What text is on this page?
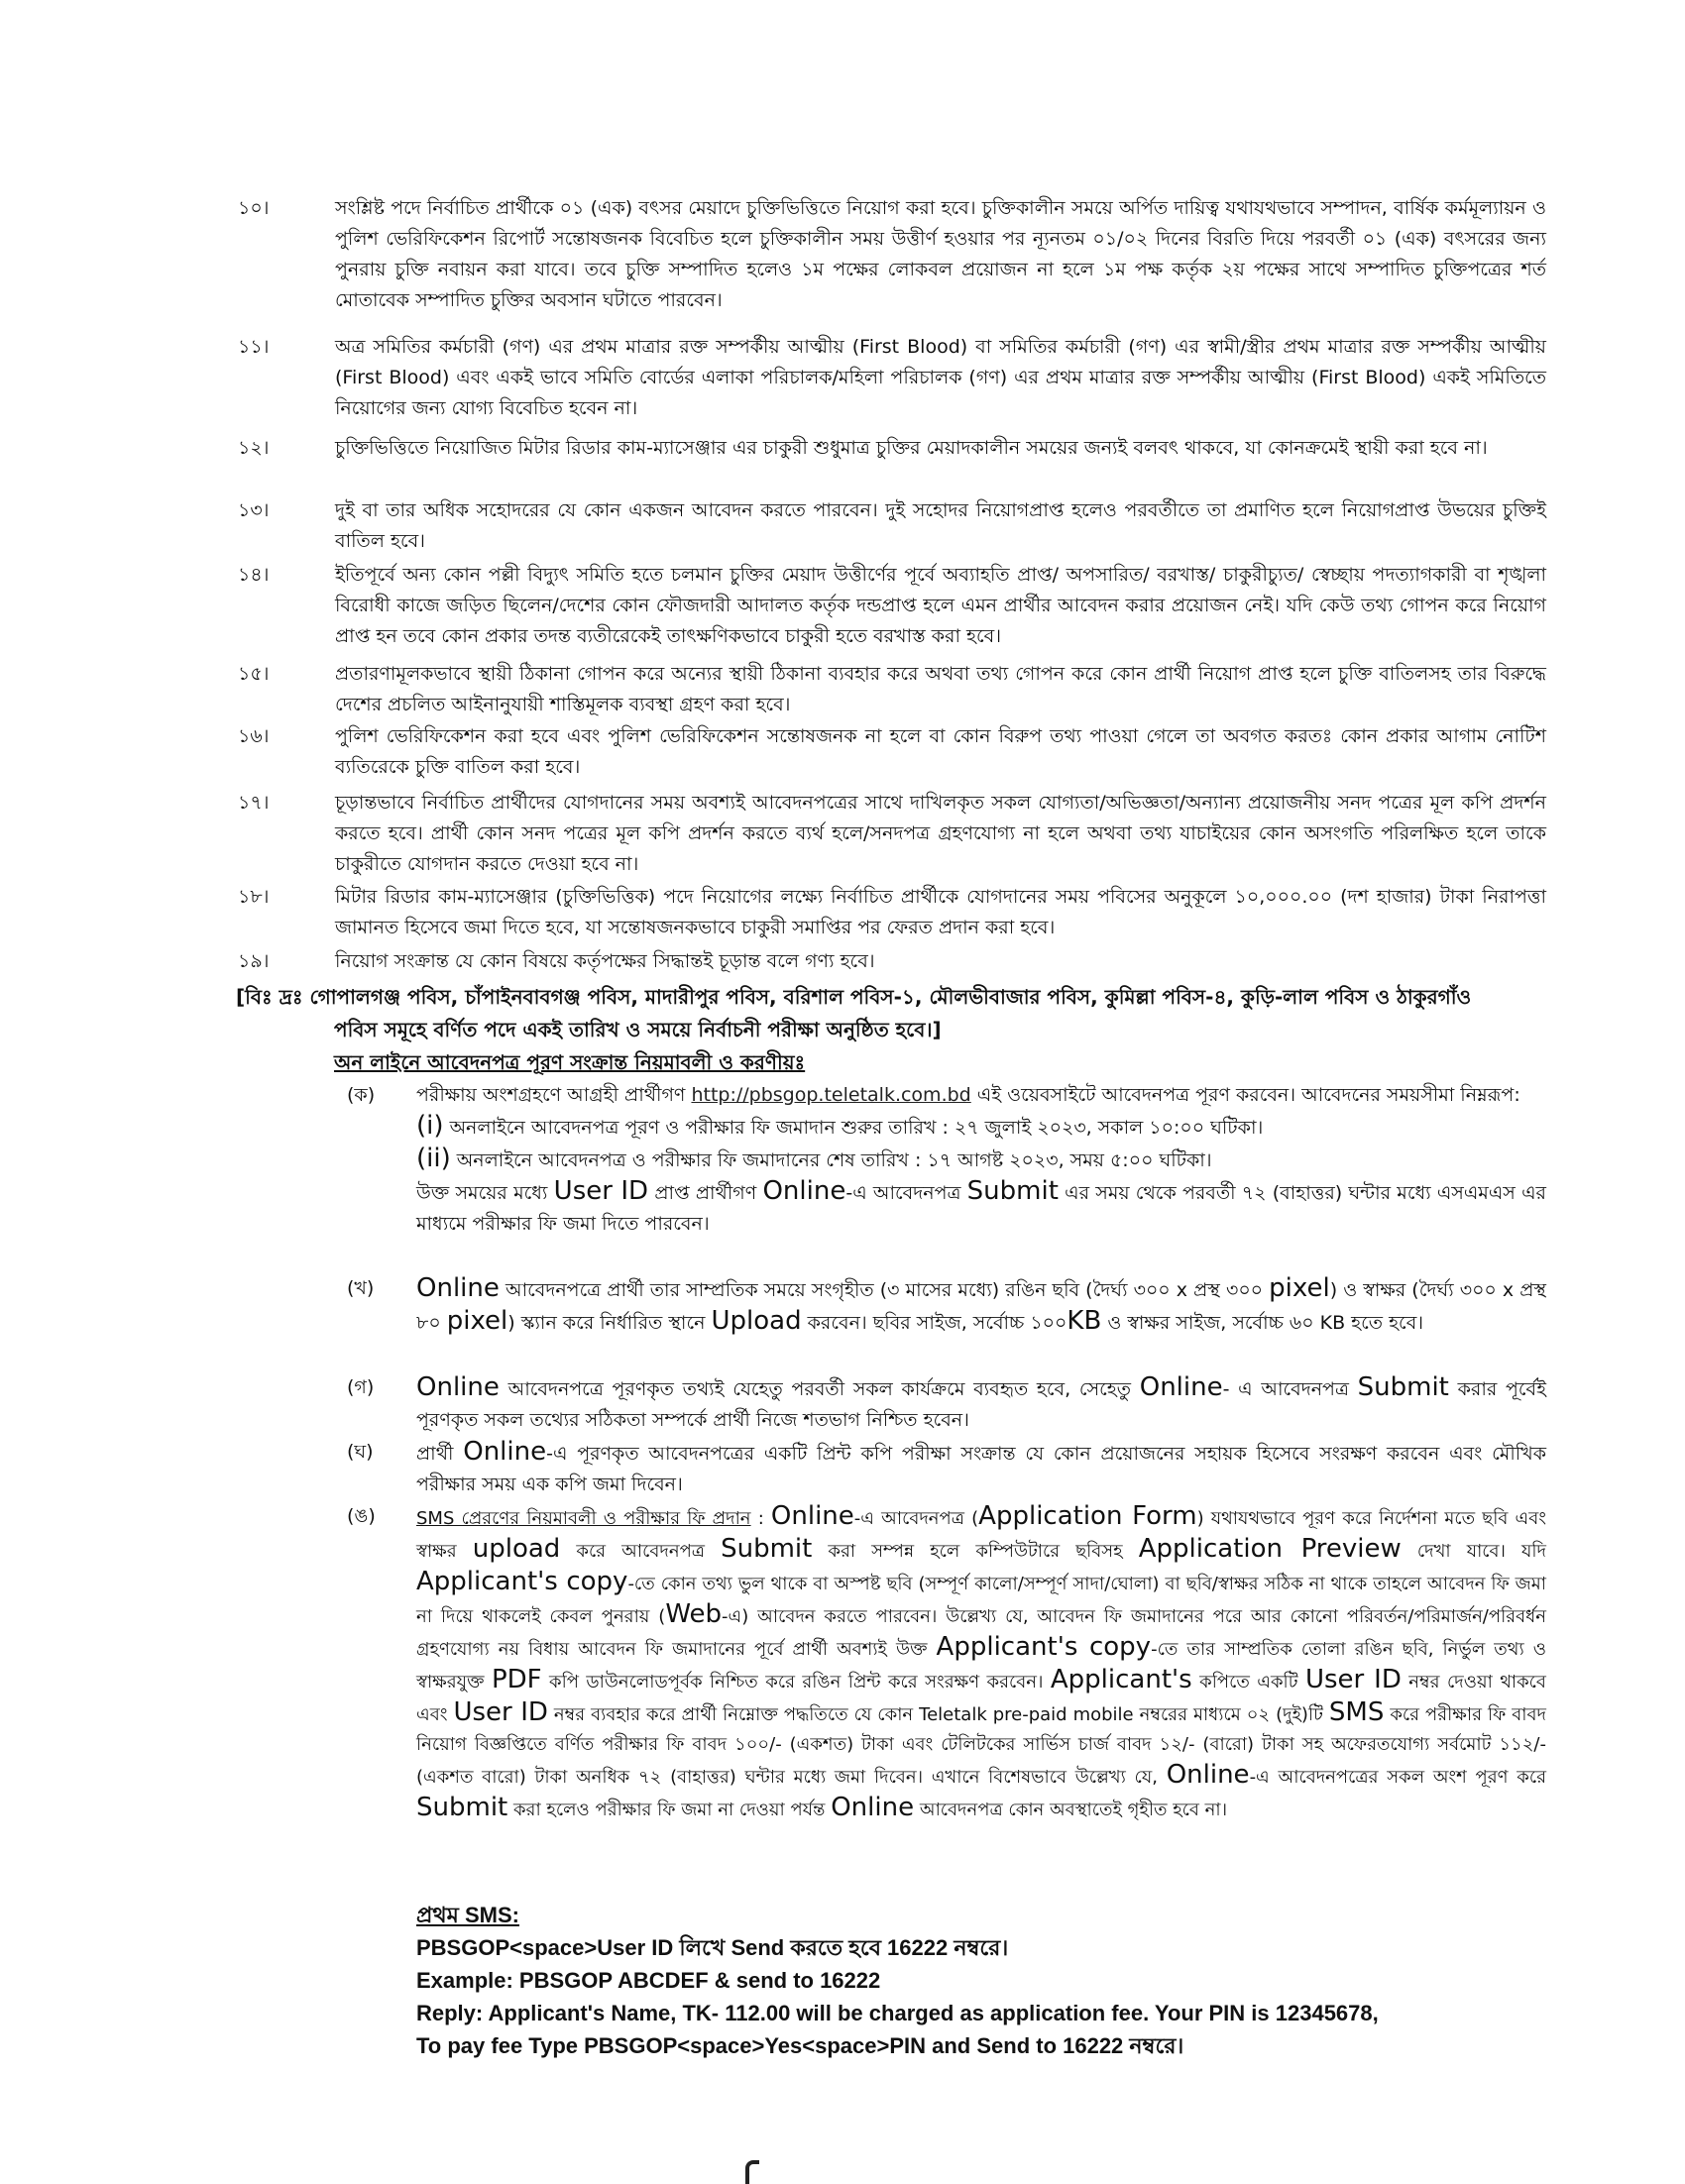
১০।	সংশ্লিষ্ট পদে নির্বাচিত প্রার্থীকে ০১ (এক) বৎসর মেয়াদে চুক্তিভিত্তিতে নিয়োগ করা হবে। চুক্তিকালীন সময়ে অর্পিত দায়িত্ব যথাযথভাবে সম্পাদন, বার্ষিক কর্মমূল্যায়ন ও পুলিশ ভেরিফিকেশন রিপোর্ট সন্তোষজনক বিবেচিত হলে চুক্তিকালীন সময় উত্তীর্ণ হওয়ার পর ন্যূনতম ০১/০২ দিনের বিরতি দিয়ে পরবর্তী ০১ (এক) বৎসরের জন্য পুনরায় চুক্তি নবায়ন করা যাবে। তবে চুক্তি সম্পাদিত হলেও ১ম পক্ষের লোকবল প্রয়োজন না হলে ১ম পক্ষ কর্তৃক ২য় পক্ষের সাথে সম্পাদিত চুক্তিপত্রের শর্ত মোতাবেক সম্পাদিত চুক্তির অবসান ঘটাতে পারবেন।
১১।	অত্র সমিতির কর্মচারী (গণ) এর প্রথম মাত্রার রক্ত সম্পর্কীয় আত্মীয় (First Blood) বা সমিতির কর্মচারী (গণ) এর স্বামী/স্ত্রীর প্রথম মাত্রার রক্ত সম্পর্কীয় আত্মীয় (First Blood) এবং একই ভাবে সমিতি বোর্ডের এলাকা পরিচালক/মহিলা পরিচালক (গণ) এর প্রথম মাত্রার রক্ত সম্পর্কীয় আত্মীয় (First Blood) একই সমিতিতে নিয়োগের জন্য যোগ্য বিবেচিত হবেন না।
১২।	চুক্তিভিত্তিতে নিয়োজিত মিটার রিডার কাম-ম্যাসেঞ্জার এর চাকুরী শুধুমাত্র চুক্তির মেয়াদকালীন সময়ের জন্যই বলবৎ থাকবে, যা কোনক্রমেই স্থায়ী করা হবে না।
১৩।	দুই বা তার অধিক সহোদরের যে কোন একজন আবেদন করতে পারবেন। দুই সহোদর নিয়োগপ্রাপ্ত হলেও পরবর্তীতে তা প্রমাণিত হলে নিয়োগপ্রাপ্ত উভয়ের চুক্তিই বাতিল হবে।
১৪।	ইতিপূর্বে অন্য কোন পল্লী বিদ্যুৎ সমিতি হতে চলমান চুক্তির মেয়াদ উত্তীর্ণের পূর্বে অব্যাহতি প্রাপ্ত/ অপসারিত/ বরখাস্ত/ চাকুরীচ্যুত/ স্বেচ্ছায় পদত্যাগকারী বা শৃঙ্খলা বিরোধী কাজে জড়িত ছিলেন/দেশের কোন ফৌজদারী আদালত কর্তৃক দন্ডপ্রাপ্ত হলে এমন প্রার্থীর আবেদন করার প্রয়োজন নেই। যদি কেউ তথ্য গোপন করে নিয়োগ প্রাপ্ত হন তবে কোন প্রকার তদন্ত ব্যতীরেকেই তাৎক্ষণিকভাবে চাকুরী হতে বরখাস্ত করা হবে।
১৫।	প্রতারণামূলকভাবে স্থায়ী ঠিকানা গোপন করে অন্যের স্থায়ী ঠিকানা ব্যবহার করে অথবা তথ্য গোপন করে কোন প্রার্থী নিয়োগ প্রাপ্ত হলে চুক্তি বাতিলসহ তার বিরুদ্ধে দেশের প্রচলিত আইনানুযায়ী শাস্তিমূলক ব্যবস্থা গ্রহণ করা হবে।
১৬।	পুলিশ ভেরিফিকেশন করা হবে এবং পুলিশ ভেরিফিকেশন সন্তোষজনক না হলে বা কোন বিরুপ তথ্য পাওয়া গেলে তা অবগত করতঃ কোন প্রকার আগাম নোটিশ ব্যতিরেকে চুক্তি বাতিল করা হবে।
১৭।	চূড়ান্তভাবে নির্বাচিত প্রার্থীদের যোগদানের সময় অবশ্যই আবেদনপত্রের সাথে দাখিলকৃত সকল যোগ্যতা/অভিজ্ঞতা/অন্যান্য প্রয়োজনীয় সনদ পত্রের মূল কপি প্রদর্শন করতে হবে। প্রার্থী কোন সনদ পত্রের মূল কপি প্রদর্শন করতে ব্যর্থ হলে/সনদপত্র গ্রহণযোগ্য না হলে অথবা তথ্য যাচাইয়ের কোন অসংগতি পরিলক্ষিত হলে তাকে চাকুরীতে যোগদান করতে দেওয়া হবে না।
১৮।	মিটার রিডার কাম-ম্যাসেঞ্জার (চুক্তিভিত্তিক) পদে নিয়োগের লক্ষ্যে নির্বাচিত প্রার্থীকে যোগদানের সময় পবিসের অনুকূলে ১০,০০০.০০ (দশ হাজার) টাকা নিরাপত্তা জামানত হিসেবে জমা দিতে হবে, যা সন্তোষজনকভাবে চাকুরী সমাপ্তির পর ফেরত প্রদান করা হবে।
১৯।	নিয়োগ সংক্রান্ত যে কোন বিষয়ে কর্তৃপক্ষের সিদ্ধান্তই চূড়ান্ত বলে গণ্য হবে।
[বিঃ দ্রঃ গোপালগঞ্জ পবিস, চাঁপাইনবাবগঞ্জ পবিস, মাদারীপুর পবিস, বরিশাল পবিস-১, মৌলভীবাজার পবিস, কুমিল্লা পবিস-৪, কুড়ি-লাল পবিস ও ঠাকুরগাঁও
পবিস সমূহে বর্ণিত পদে একই তারিখ ও সময়ে নির্বাচনী পরীক্ষা অনুষ্ঠিত হবে।]
অন লাইনে আবেদনপত্র পূরণ সংক্রান্ত নিয়মাবলী ও করণীয়ঃ
(ক)	পরীক্ষায় অংশগ্রহণে আগ্রহী প্রার্থীগণ http://pbsgop.teletalk.com.bd এই ওয়েবসাইটে আবেদনপত্র পূরণ করবেন। আবেদনের সময়সীমা নিম্নরূপ:
(i) অনলাইনে আবেদনপত্র পূরণ ও পরীক্ষার ফি জমাদান শুরুর তারিখ : ২৭ জুলাই ২০২৩, সকাল ১০:০০ ঘটিকা।
(ii) অনলাইনে আবেদনপত্র ও পরীক্ষার ফি জমাদানের শেষ তারিখ : ১৭ আগষ্ট ২০২৩, সময় ৫:০০ ঘটিকা।
উক্ত সময়ের মধ্যে User ID প্রাপ্ত প্রার্থীগণ Online-এ আবেদনপত্র Submit এর সময় থেকে পরবর্তী ৭২ (বাহাত্তর) ঘন্টার মধ্যে এসএমএস এর মাধ্যমে পরীক্ষার ফি জমা দিতে পারবেন।
(খ)	Online আবেদনপত্রে প্রার্থী তার সাম্প্রতিক সময়ে সংগৃহীত (৩ মাসের মধ্যে) রঙিন ছবি (দৈর্ঘ্য ৩০০ x প্রস্থ ৩০০ pixel) ও স্বাক্ষর (দৈর্ঘ্য ৩০০ x প্রস্থ ৮০ pixel) স্ক্যান করে নির্ধারিত স্থানে Upload করবেন। ছবির সাইজ, সর্বোচ্চ ১০০KB ও স্বাক্ষর সাইজ, সর্বোচ্চ ৬০ KB হতে হবে।
(গ)	Online আবেদনপত্রে পূরণকৃত তথ্যই যেহেতু পরবর্তী সকল কার্যক্রমে ব্যবহৃত হবে, সেহেতু Online- এ আবেদনপত্র Submit করার পূর্বেই পূরণকৃত সকল তথ্যের সঠিকতা সম্পর্কে প্রার্থী নিজে শতভাগ নিশ্চিত হবেন।
(ঘ)	প্রার্থী Online-এ পূরণকৃত আবেদনপত্রের একটি প্রিন্ট কপি পরীক্ষা সংক্রান্ত যে কোন প্রয়োজনের সহায়ক হিসেবে সংরক্ষণ করবেন এবং মৌখিক পরীক্ষার সময় এক কপি জমা দিবেন।
(ঙ)	SMS প্রেরণের নিয়মাবলী ও পরীক্ষার ফি প্রদান : Online-এ আবেদনপত্র (Application Form) যথাযথভাবে পূরণ করে নির্দেশনা মতে ছবি এবং স্বাক্ষর upload করে আবেদনপত্র Submit করা সম্পন্ন হলে কম্পিউটারে ছবিসহ Application Preview দেখা যাবে। যদি Applicant's copy-তে কোন তথ্য ভুল থাকে বা অস্পষ্ট ছবি (সম্পূর্ণ কালো/সম্পূর্ণ সাদা/ঘোলা) বা ছবি/স্বাক্ষর সঠিক না থাকে তাহলে আবেদন ফি জমা না দিয়ে থাকলেই কেবল পুনরায় (Web-এ) আবেদন করতে পারবেন। উল্লেখ্য যে, আবেদন ফি জমাদানের পরে আর কোনো পরিবর্তন/পরিমার্জন/পরিবর্ধন গ্রহণযোগ্য নয় বিধায় আবেদন ফি জমাদানের পূর্বে প্রার্থী অবশ্যই উক্ত Applicant's copy-তে তার সাম্প্রতিক তোলা রঙিন ছবি, নির্ভুল তথ্য ও স্বাক্ষরযুক্ত PDF কপি ডাউনলোডপূর্বক নিশ্চিত করে রঙিন প্রিন্ট করে সংরক্ষণ করবেন। Applicant's কপিতে একটি User ID নম্বর দেওয়া থাকবে এবং User ID নম্বর ব্যবহার করে প্রার্থী নিম্নোক্ত পদ্ধতিতে যে কোন Teletalk pre-paid mobile নম্বরের মাধ্যমে ০২ (দুই)টি SMS করে পরীক্ষার ফি বাবদ নিয়োগ বিজ্ঞপ্তিতে বর্ণিত পরীক্ষার ফি বাবদ ১০০/- (একশত) টাকা এবং টেলিটকের সার্ভিস চার্জ বাবদ ১২/- (বারো) টাকা সহ অফেরতযোগ্য সর্বমোট ১১২/- (একশত বারো) টাকা অনধিক ৭২ (বাহাত্তর) ঘন্টার মধ্যে জমা দিবেন। এখানে বিশেষভাবে উল্লেখ্য যে, Online-এ আবেদনপত্রের সকল অংশ পূরণ করে Submit করা হলেও পরীক্ষার ফি জমা না দেওয়া পর্যন্ত Online আবেদনপত্র কোন অবস্থাতেই গৃহীত হবে না।
প্রথম SMS:
PBSGOP<space>User ID লিখে Send করতে হবে 16222 নম্বরে।
Example: PBSGOP ABCDEF & send to 16222
Reply: Applicant's Name, TK- 112.00 will be charged as application fee. Your PIN is 12345678,
To pay fee Type PBSGOP<space>Yes<space>PIN and Send to 16222 নম্বরে।
